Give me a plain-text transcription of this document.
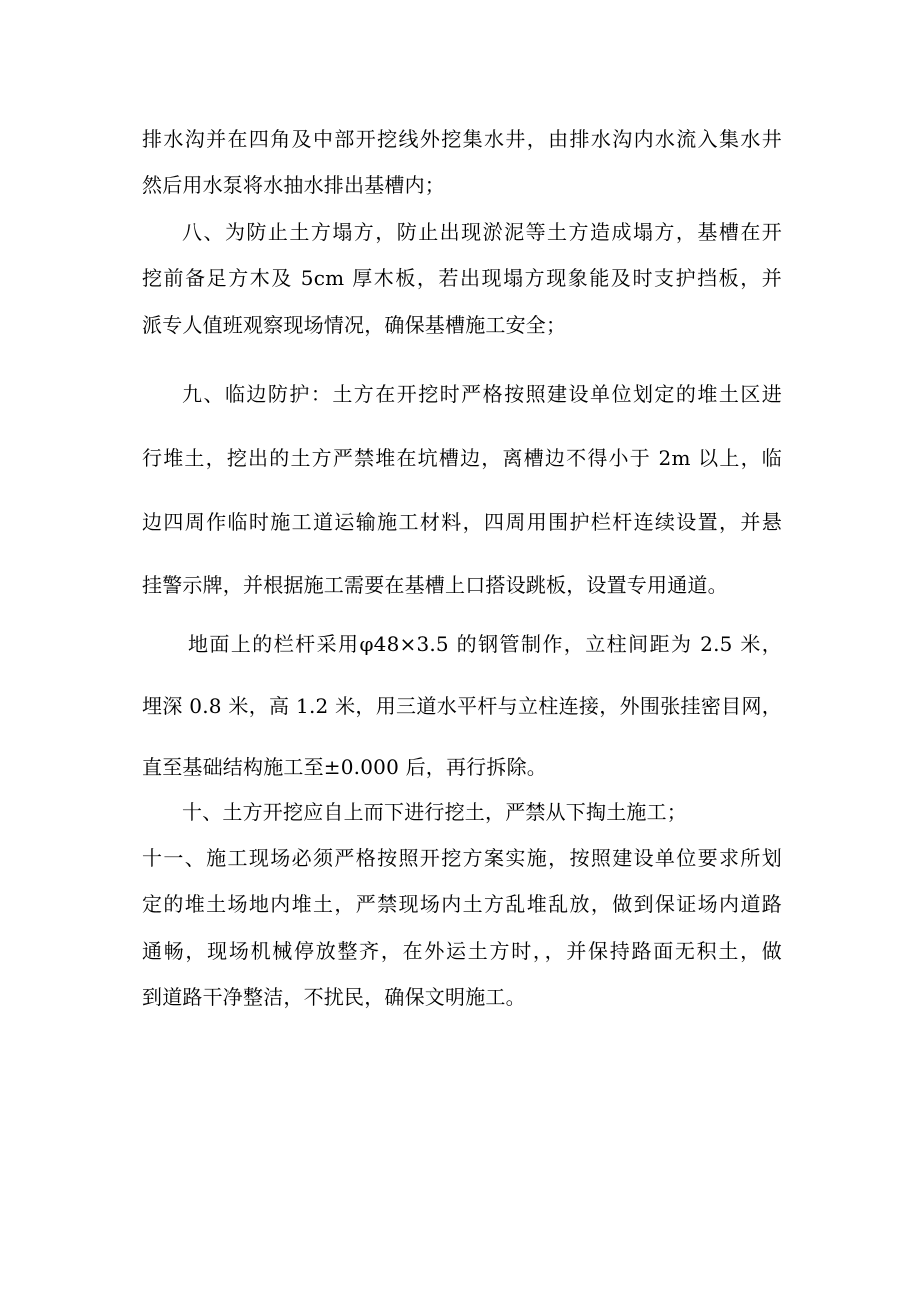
排水沟并在四角及中部开挖线外挖集水井，由排水沟内水流入集水井
然后用水泵将水抽水排出基槽内；
八、为防止土方塌方，防止出现淤泥等土方造成塌方，基槽在开
挖前备足方木及 5cm 厚木板，若出现塌方现象能及时支护挡板，并
派专人值班观察现场情况，确保基槽施工安全；
九、临边防护：土方在开挖时严格按照建设单位划定的堆土区进
行堆土，挖出的土方严禁堆在坑槽边，离槽边不得小于 2m 以上，临
边四周作临时施工道运输施工材料，四周用围护栏杆连续设置，并悬
挂警示牌，并根据施工需要在基槽上口搭设跳板，设置专用通道。
地面上的栏杆采用φ48×3.5 的钢管制作，立柱间距为 2.5 米，
埋深 0.8 米，高 1.2 米，用三道水平杆与立柱连接，外围张挂密目网，
直至基础结构施工至±0.000 后，再行拆除。
十、土方开挖应自上而下进行挖土，严禁从下掏土施工；
十一、施工现场必须严格按照开挖方案实施，按照建设单位要求所划
定的堆土场地内堆土，严禁现场内土方乱堆乱放，做到保证场内道路
通畅，现场机械停放整齐，在外运土方时，，并保持路面无积土，做
到道路干净整洁，不扰民，确保文明施工。
